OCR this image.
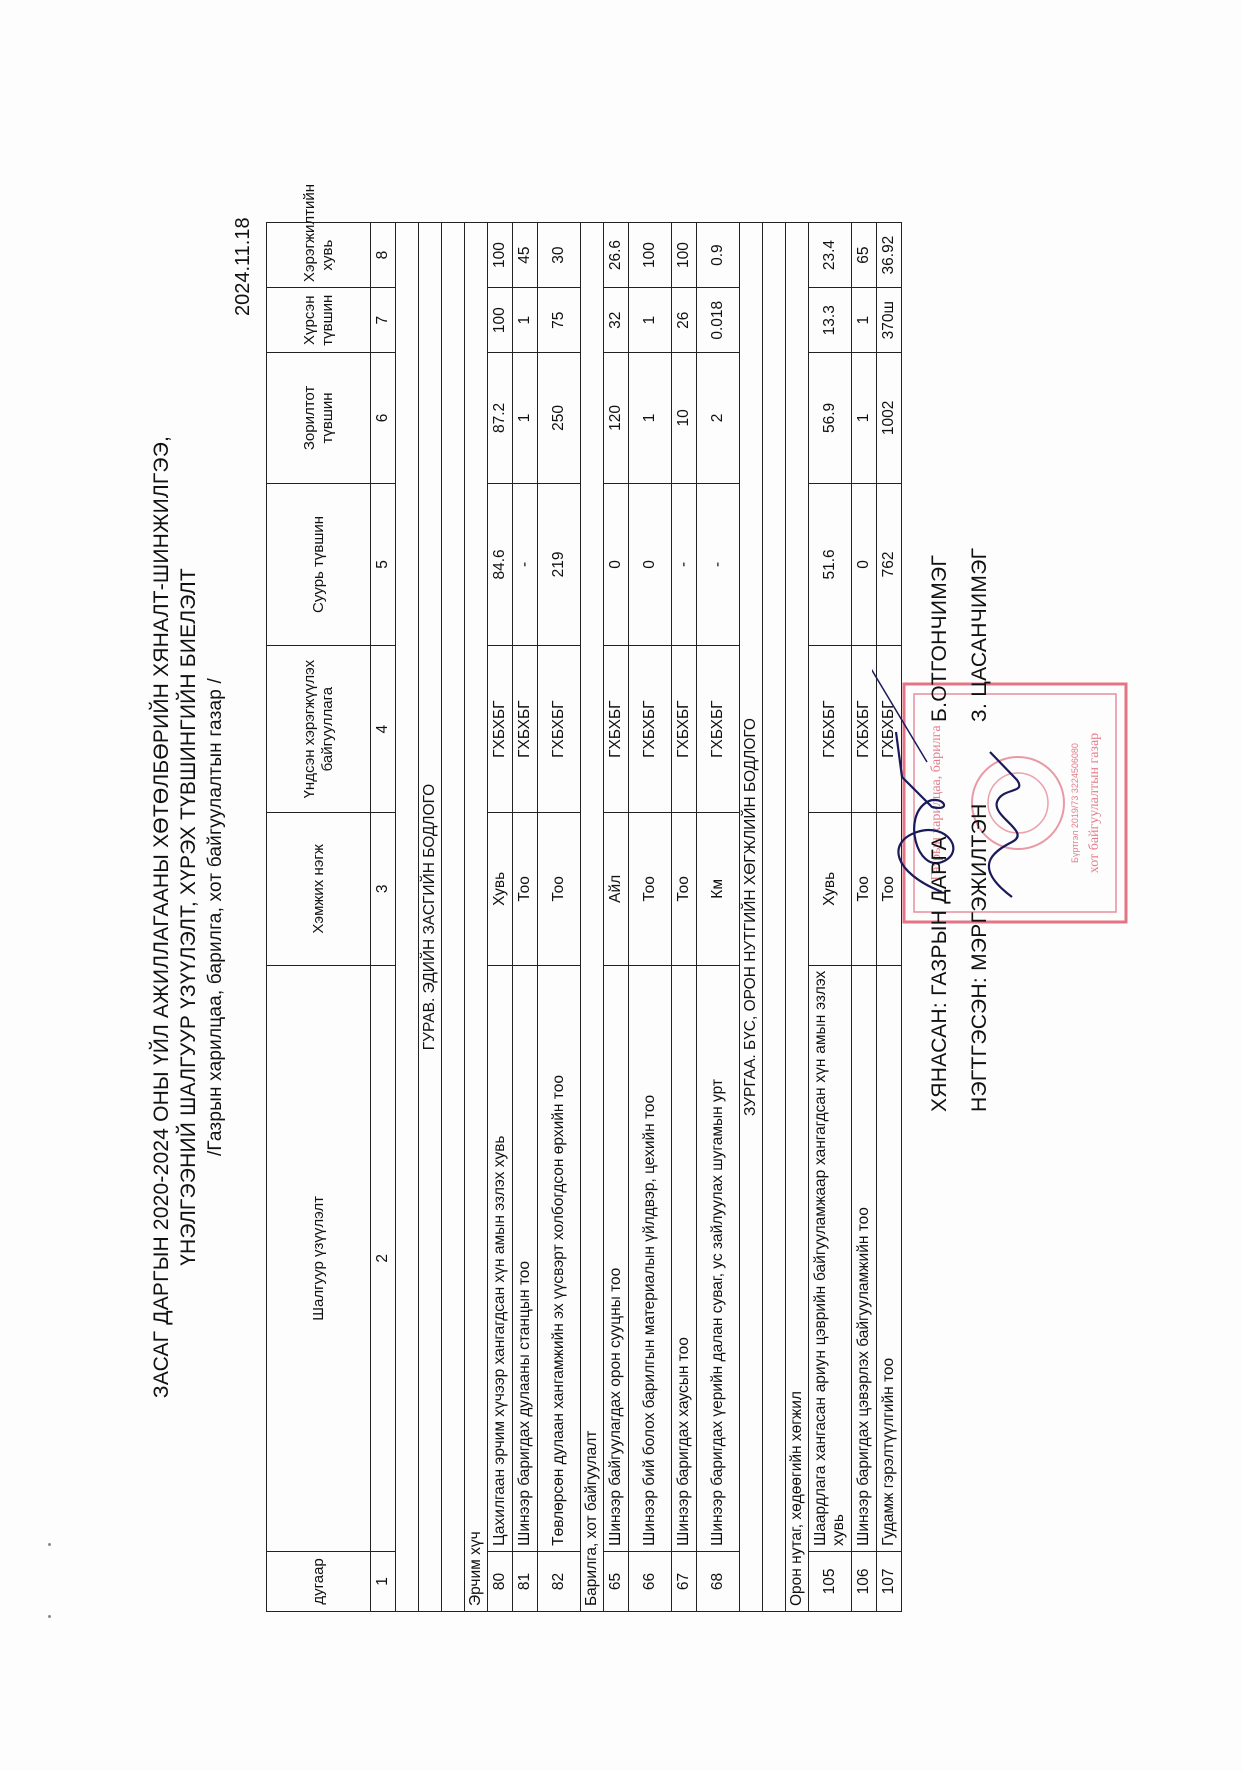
ЗАСАГ ДАРГЫН 2020-2024 ОНЫ ҮЙЛ АЖИЛЛАГААНЫ ХӨТӨЛБӨРИЙН ХЯНАЛТ-ШИНЖИЛГЭЭ, ҮНЭЛГЭЭНИЙ ШАЛГУУР ҮЗҮҮЛЭЛТ, ХҮРЭХ ТҮВШИНГИЙН БИЕЛЭЛТ /Газрын харилцаа, барилга, хот байгуулалтын газар /
2024.11.18
дугаар	Шалгуур үзүүлэлт	Хэмжих нэгж	Үндсэн хэрэгжүүлэх байгууллага	Суурь түвшин	Зорилтот түвшин	Хүрсэн түвшин	Хэрэгжилтийн хувь
1	2	3	4	5	6	7	8

ГУРАВ. ЭДИЙН ЗАСГИЙН БОДЛОГО							

Эрчим хүч							
80	Цахилгаан эрчим хүчээр хангагдсан хүн амын эзлэх хувь	Хувь	ГХБХБГ	84.6	87.2	100	100
81	Шинээр баригдах дулааны станцын тоо	Тоо	ГХБХБГ	-	1	1	45
82	Төвлөрсөн дулаан хангамжийн эх үүсвэрт холбогдсон өрхийн тоо	Тоо	ГХБХБГ	219	250	75	30
Барилга, хот байгуулалт							
65	Шинээр байгуулагдах орон сууцны тоо	Айл	ГХБХБГ	0	120	32	26.6
66	Шинээр бий болох барилгын материалын үйлдвэр, цехийн тоо	Тоо	ГХБХБГ	0	1	1	100
67	Шинээр баригдах хаусын тоо	Тоо	ГХБХБГ	-	10	26	100
68	Шинээр баригдах үерийн далан суваг, ус зайлуулах шугамын урт	Км	ГХБХБГ	-	2	0.018	0.9
ЗУРГАА. БҮС, ОРОН НУТГИЙН ХӨГЖЛИЙН БОДЛОГО							

Орон нутаг, хөдөөгийн хөгжил							
105	Шаардлага хангасан ариун цэврийн байгууламжаар хангагдсан хүн амын эзлэх хувь	Хувь	ГХБХБГ	51.6	56.9	13.3	23.4
106	Шинээр баригдах цэвэрлэх байгууламжийн тоо	Тоо	ГХБХБГ	0	1	1	65
107	Гудамж гэрэлтүүлгийн тоо	Тоо	ГХБХБГ	762	1002	370ш	36.92
Газрын харилцаа, барилга	хот байгуулалтын газар
Бүртгэл 2019/73 3224506080
ХЯНАСАН: ГАЗРЫН ДАРГА
Б.ОТГОНЧИМЭГ
НЭГТГЭСЭН: МЭРГЭЖИЛТЭН
З. ЦАСАНЧИМЭГ
